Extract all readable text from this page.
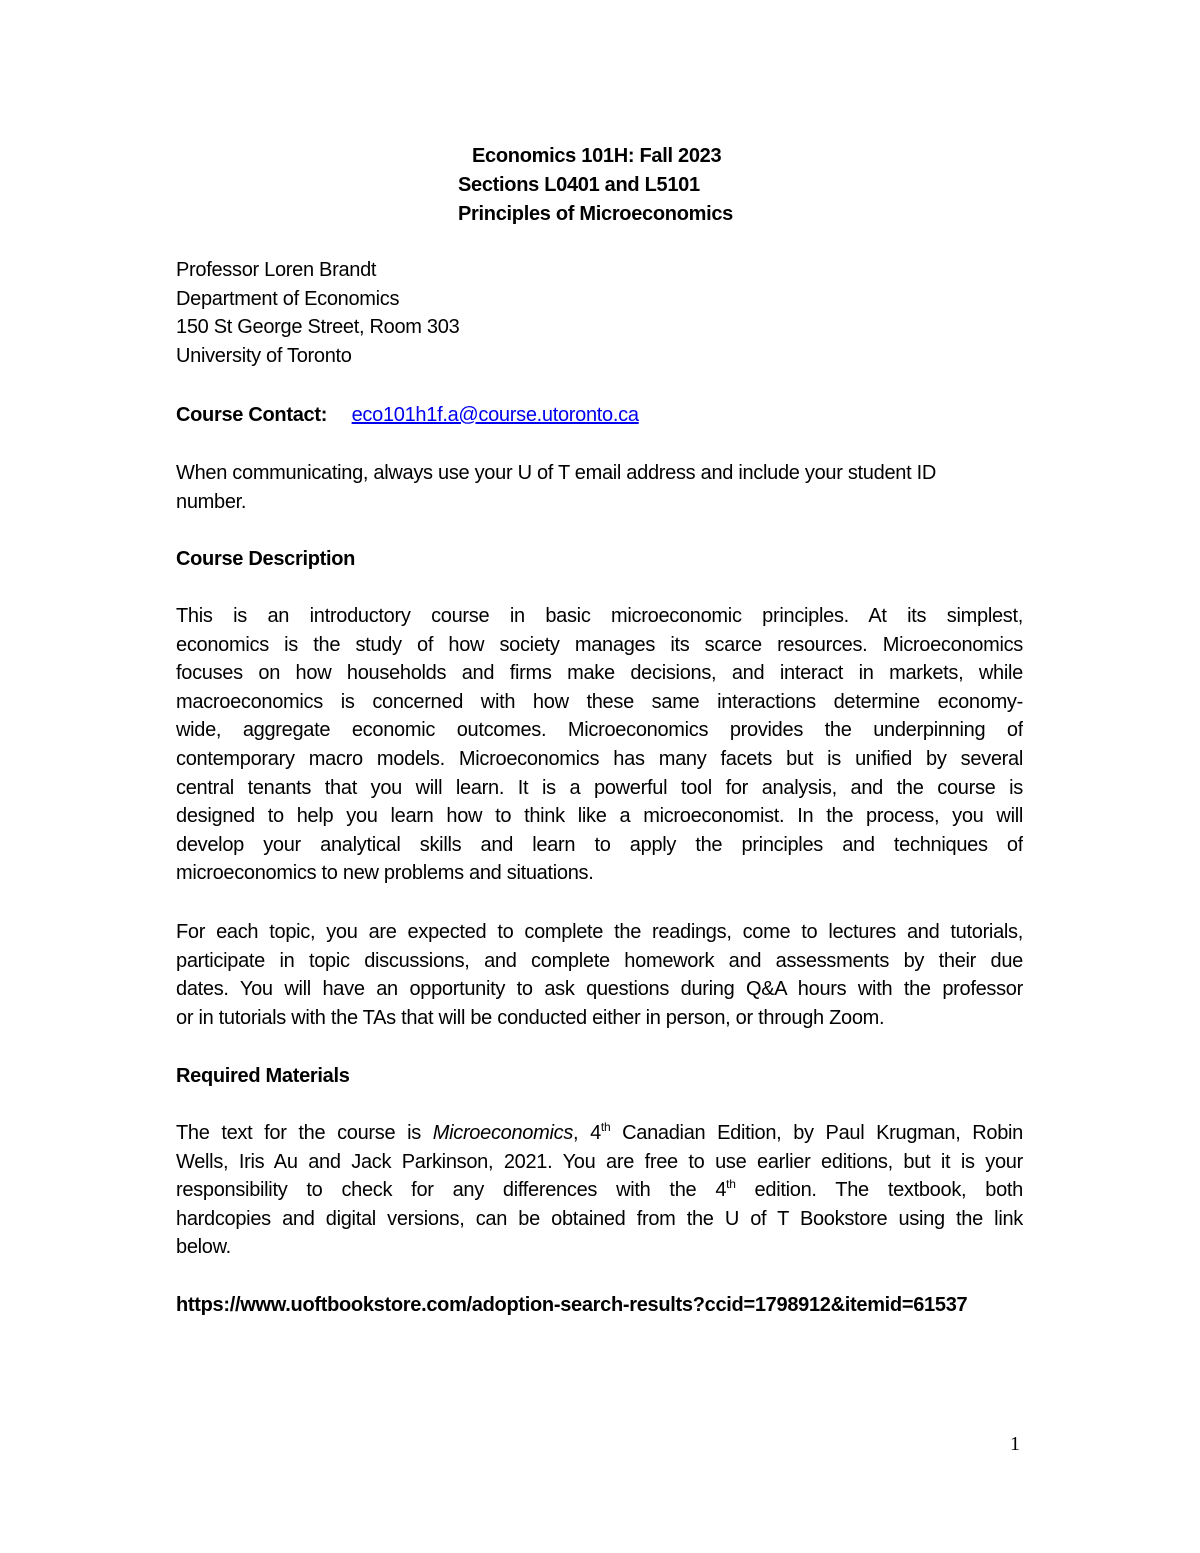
Economics 101H: Fall 2023
Sections L0401 and L5101
Principles of Microeconomics
Professor Loren Brandt
Department of Economics
150 St George Street, Room 303
University of Toronto
Course Contact: eco101h1f.a@course.utoronto.ca
When communicating, always use your U of T email address and include your student ID
number.
Course Description
This is an introductory course in basic microeconomic principles. At its simplest,
economics is the study of how society manages its scarce resources. Microeconomics
focuses on how households and firms make decisions, and interact in markets, while
macroeconomics is concerned with how these same interactions determine economy-
wide, aggregate economic outcomes. Microeconomics provides the underpinning of
contemporary macro models. Microeconomics has many facets but is unified by several
central tenants that you will learn. It is a powerful tool for analysis, and the course is
designed to help you learn how to think like a microeconomist. In the process, you will
develop your analytical skills and learn to apply the principles and techniques of
microeconomics to new problems and situations.
For each topic, you are expected to complete the readings, come to lectures and tutorials,
participate in topic discussions, and complete homework and assessments by their due
dates. You will have an opportunity to ask questions during Q&A hours with the professor
or in tutorials with the TAs that will be conducted either in person, or through Zoom.
Required Materials
The text for the course is Microeconomics, 4th Canadian Edition, by Paul Krugman, Robin
Wells, Iris Au and Jack Parkinson, 2021. You are free to use earlier editions, but it is your
responsibility to check for any differences with the 4th edition. The textbook, both
hardcopies and digital versions, can be obtained from the U of T Bookstore using the link
below.
https://www.uoftbookstore.com/adoption-search-results?ccid=1798912&itemid=61537
1
